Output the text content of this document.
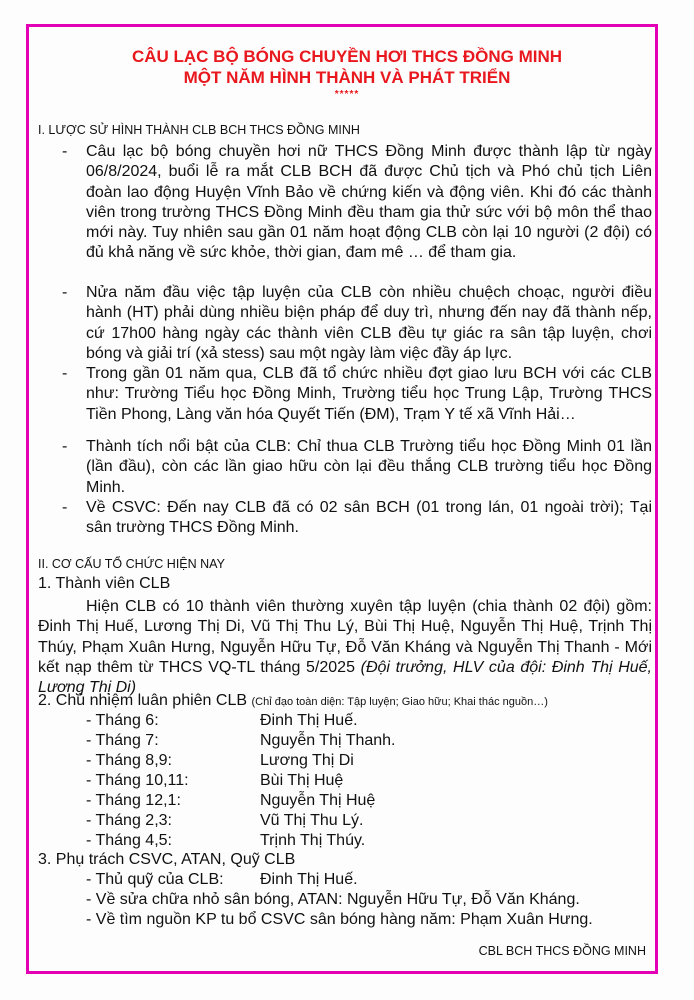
CÂU LẠC BỘ BÓNG CHUYỀN HƠI THCS ĐỒNG MINH
MỘT NĂM HÌNH THÀNH VÀ PHÁT TRIỂN
*****
I. LƯỢC SỬ HÌNH THÀNH CLB BCH THCS ĐỒNG MINH
- Câu lạc bộ bóng chuyền hơi nữ THCS Đồng Minh được thành lập từ ngày 06/8/2024, buổi lễ ra mắt CLB BCH đã được Chủ tịch và Phó chủ tịch Liên đoàn lao động Huyện Vĩnh Bảo về chứng kiến và động viên. Khi đó các thành viên trong trường THCS Đồng Minh đều tham gia thử sức với bộ môn thể thao mới này. Tuy nhiên sau gần 01 năm hoạt động CLB còn lại 10 người (2 đội) có đủ khả năng về sức khỏe, thời gian, đam mê … để tham gia.

- Nửa năm đầu việc tập luyện của CLB còn nhiều chuệch choạc, người điều hành (HT) phải dùng nhiều biện pháp để duy trì, nhưng đến nay đã thành nếp, cứ 17h00 hàng ngày các thành viên CLB đều tự giác ra sân tập luyện, chơi bóng và giải trí (xả stess) sau một ngày làm việc đầy áp lực.

- Trong gần 01 năm qua, CLB đã tổ chức nhiều đợt giao lưu BCH với các CLB như: Trường Tiểu học Đồng Minh, Trường tiểu học Trung Lập, Trường THCS Tiền Phong, Làng văn hóa Quyết Tiến (ĐM), Trạm Y tế xã Vĩnh Hải…

- Thành tích nổi bật của CLB: Chỉ thua CLB Trường tiểu học Đồng Minh 01 lần (lần đầu), còn các lần giao hữu còn lại đều thắng CLB trường tiểu học Đồng Minh.

- Về CSVC: Đến nay CLB đã có 02 sân BCH (01 trong lán, 01 ngoài trời); Tại sân trường THCS Đồng Minh.

II. CƠ CẤU TỔ CHỨC HIỆN NAY
1. Thành viên CLB

Hiện CLB có 10 thành viên thường xuyên tập luyện (chia thành 02 đội) gồm: Đinh Thị Huế, Lương Thị Di, Vũ Thị Thu Lý, Bùi Thị Huệ, Nguyễn Thị Huệ, Trịnh Thị Thúy, Phạm Xuân Hưng, Nguyễn Hữu Tự, Đỗ Văn Kháng và Nguyễn Thị Thanh - Mới kết nạp thêm từ THCS VQ-TL tháng 5/2025 (Đội trưởng, HLV của đội: Đinh Thị Huế, Lương Thị Di)

2. Chủ nhiệm luân phiên CLB (Chỉ đạo toàn diện: Tập luyện; Giao hữu; Khai thác nguồn…)
- Tháng 6:	Đinh Thị Huế.
- Tháng 7:	Nguyễn Thị Thanh.
- Tháng 8,9:	Lương Thị Di
- Tháng 10,11:	Bùi Thị Huệ
- Tháng 12,1:	Nguyễn Thị Huệ
- Tháng 2,3:	Vũ Thị Thu Lý.
- Tháng 4,5:	Trịnh Thị Thúy.
3. Phụ trách CSVC, ATAN, Quỹ CLB
- Thủ quỹ của CLB: Đinh Thị Huế.
- Về sửa chữa nhỏ sân bóng, ATAN: Nguyễn Hữu Tự, Đỗ Văn Kháng.
- Về tìm nguồn KP tu bổ CSVC sân bóng hàng năm: Phạm Xuân Hưng.
CBL BCH THCS ĐỒNG MINH
